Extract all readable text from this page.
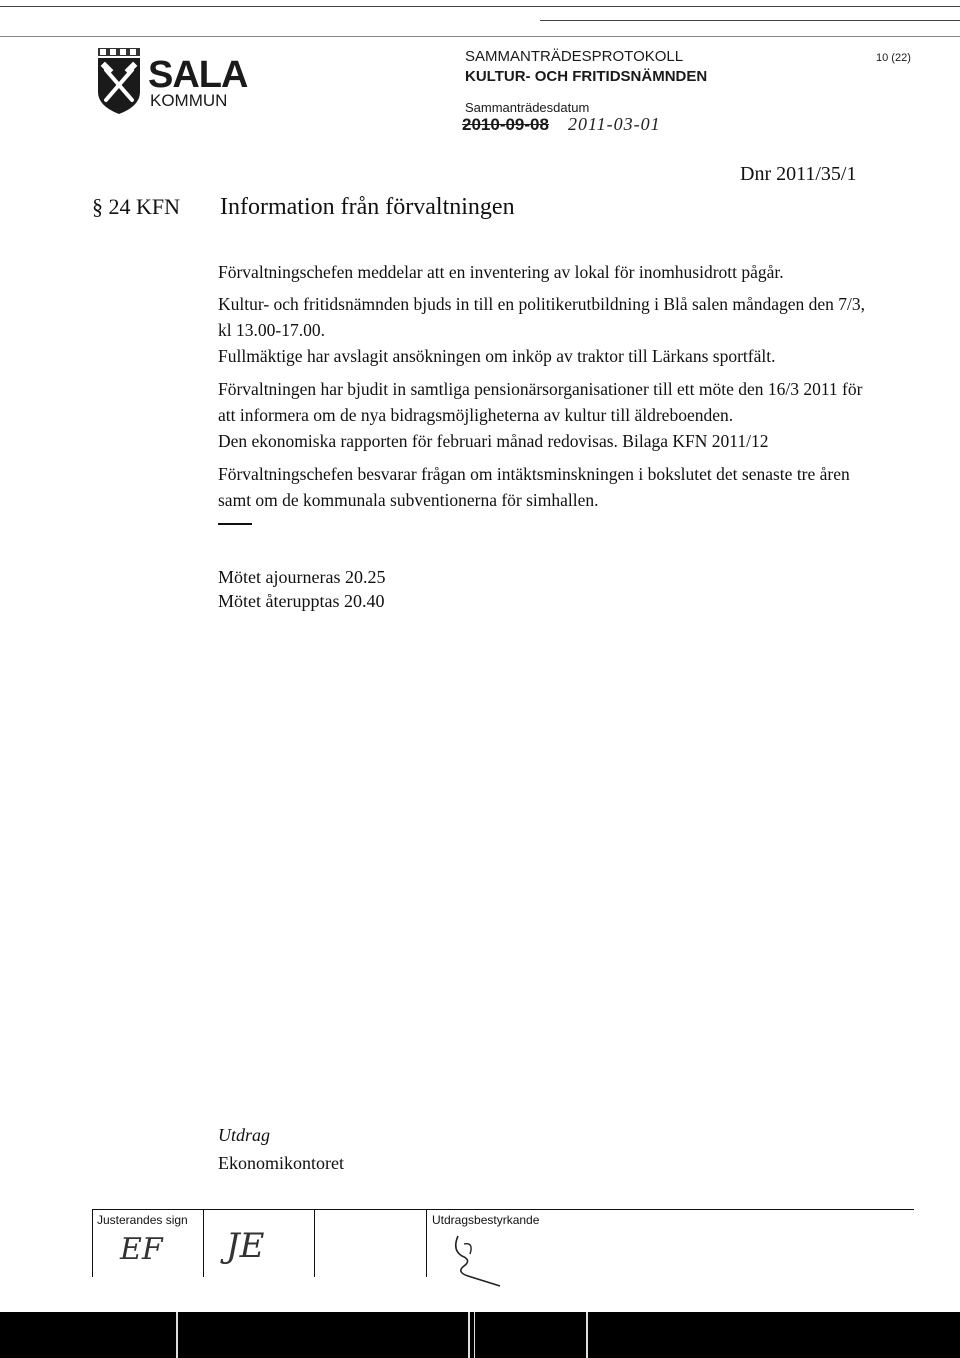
SALA
KOMMUN
SAMMANTRÄDESPROTOKOLL
KULTUR- OCH FRITIDSNÄMNDEN
10 (22)
Sammanträdesdatum
2010-09-08 2011-03-01
Dnr 2011/35/1
§ 24 KFN Information från förvaltningen
Förvaltningschefen meddelar att en inventering av lokal för inomhusidrott pågår.
Kultur- och fritidsnämnden bjuds in till en politikerutbildning i Blå salen måndagen den 7/3, kl 13.00-17.00.
Fullmäktige har avslagit ansökningen om inköp av traktor till Lärkans sportfält.
Förvaltningen har bjudit in samtliga pensionärsorganisationer till ett möte den 16/3 2011 för att informera om de nya bidragsmöjligheterna av kultur till äldreboenden.
Den ekonomiska rapporten för februari månad redovisas. Bilaga KFN 2011/12
Förvaltningschefen besvarar frågan om intäktsminskningen i bokslutet det senaste tre åren samt om de kommunala subventionerna för simhallen.
Mötet ajourneras 20.25
Mötet återupptas 20.40
Utdrag
Ekonomikontoret
Justerandes sign	Utdragsbestyrkande
EF JE
